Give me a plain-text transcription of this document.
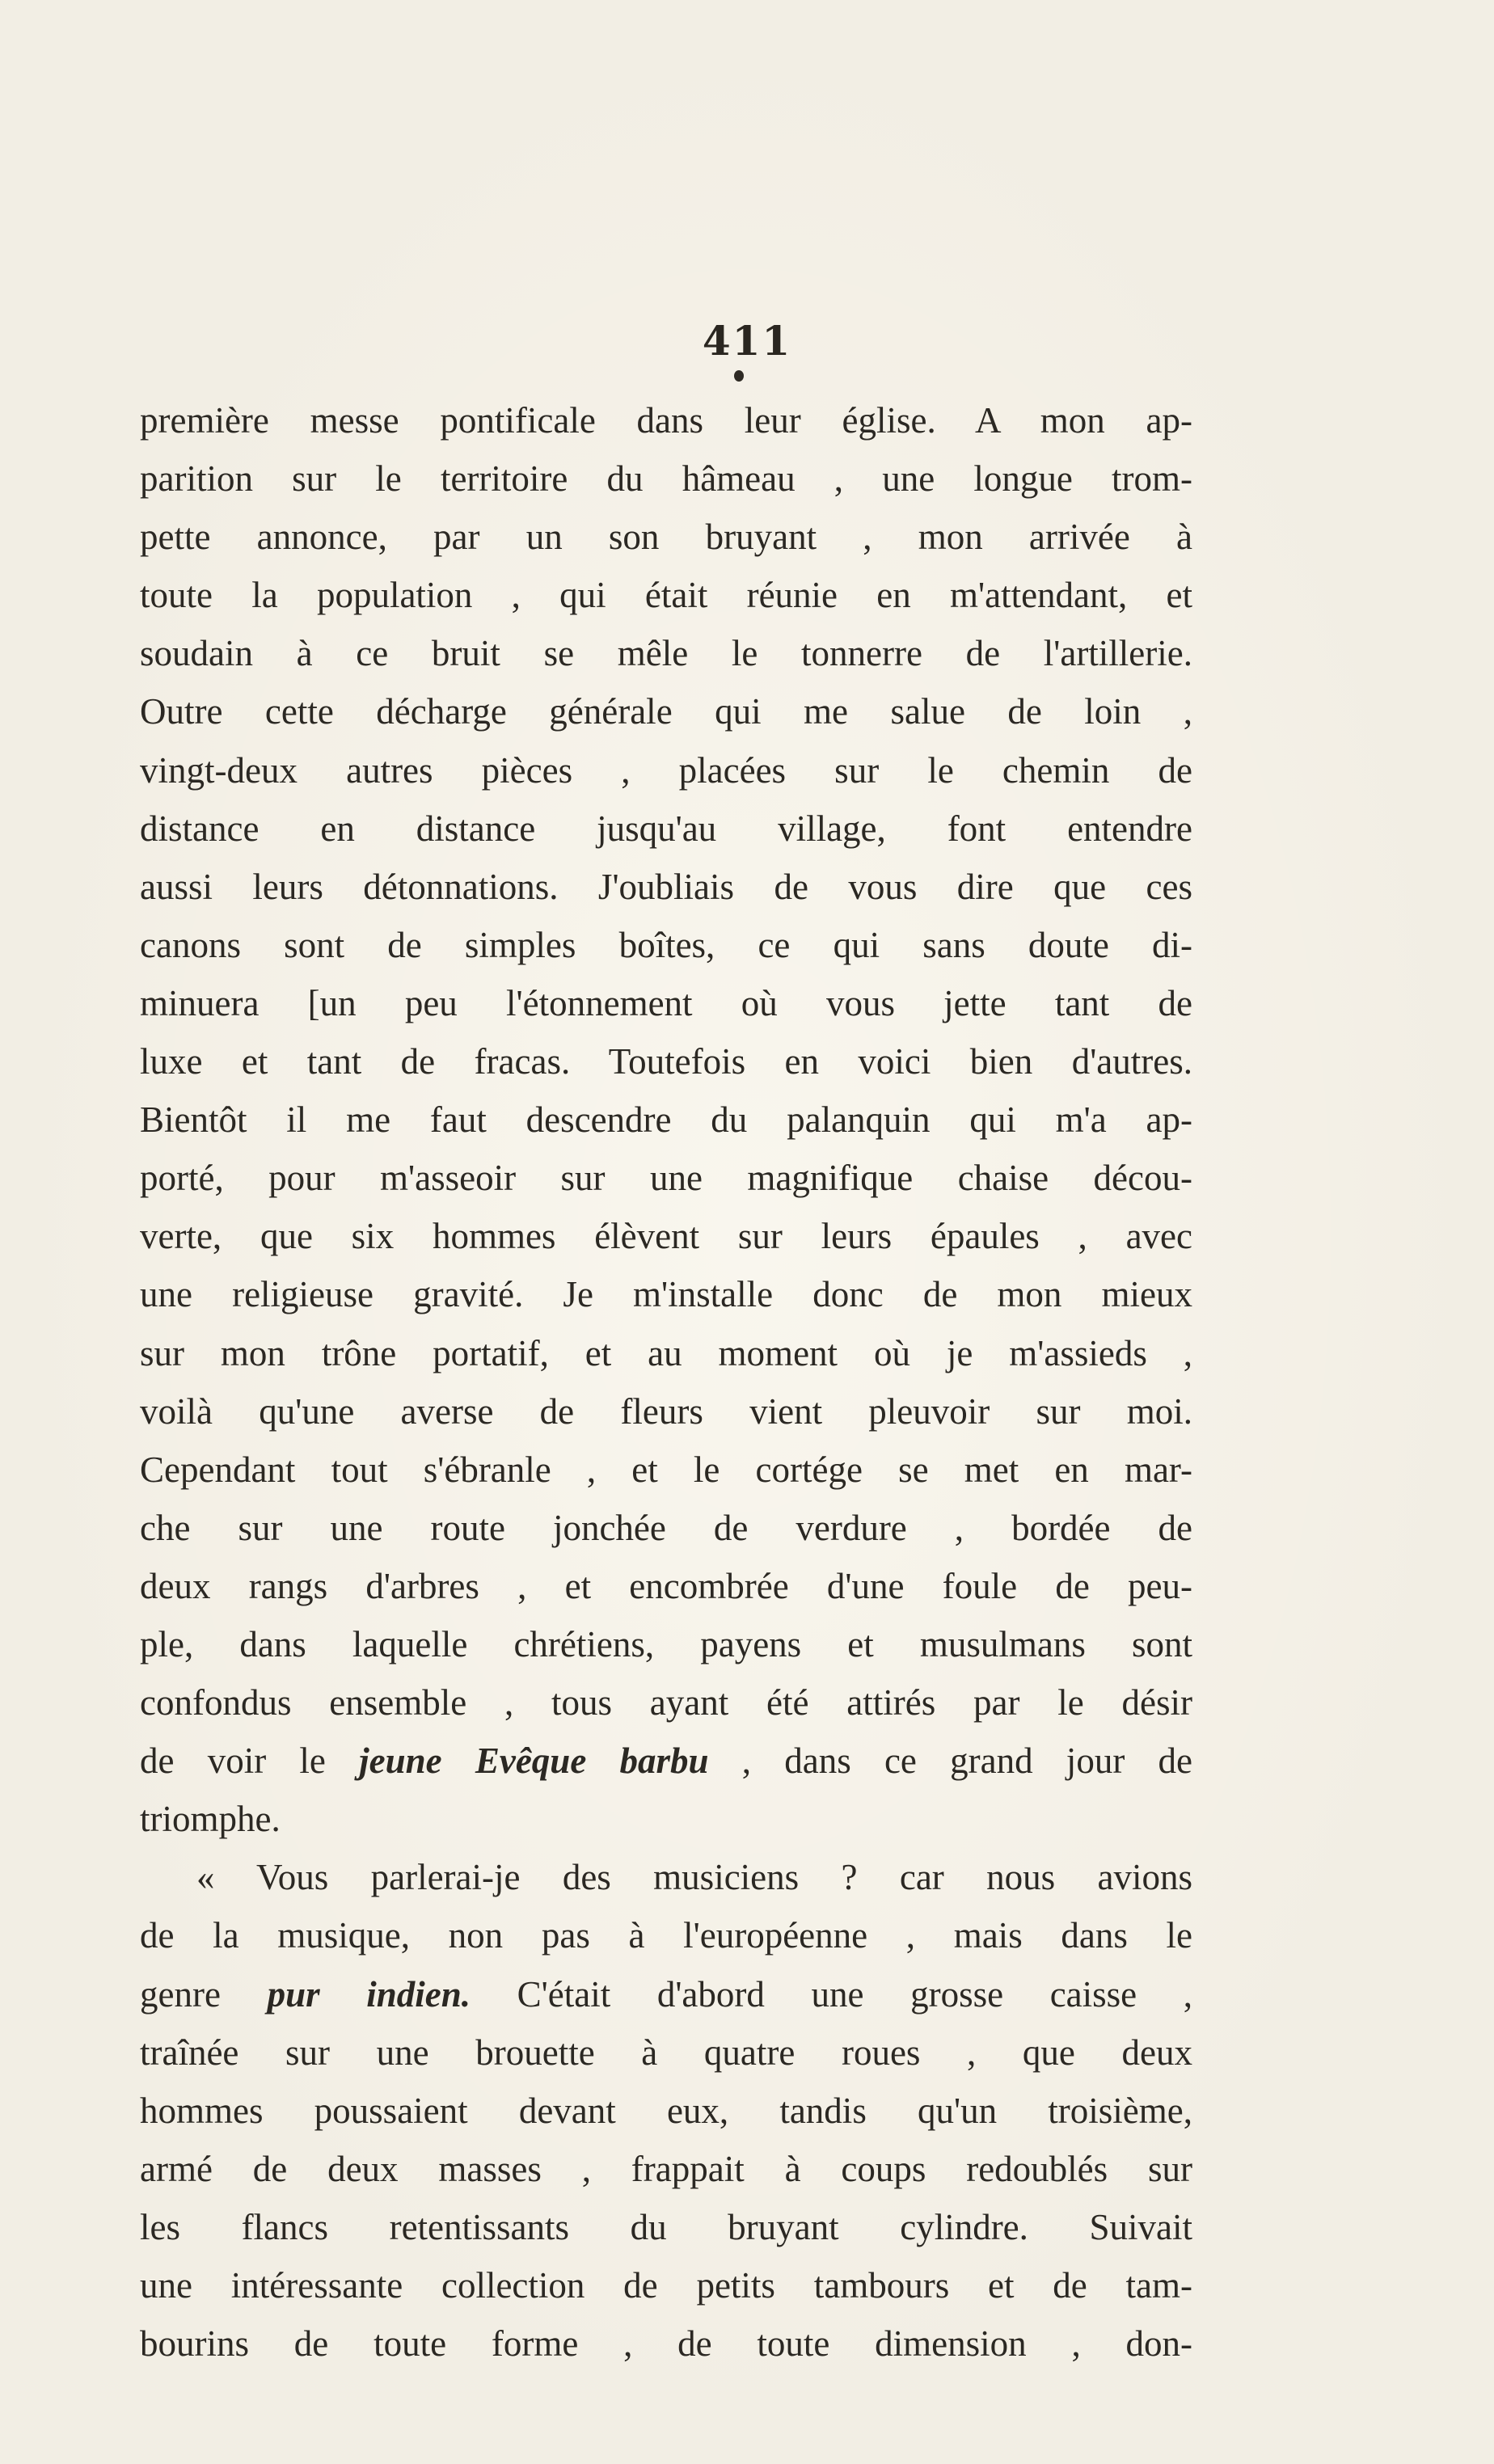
411
première messe pontificale dans leur église. A mon ap-
parition sur le territoire du hâmeau , une longue trom-
pette annonce, par un son bruyant , mon arrivée à
toute la population , qui était réunie en m'attendant, et
soudain à ce bruit se mêle le tonnerre de l'artillerie.
Outre cette décharge générale qui me salue de loin ,
vingt-deux autres pièces , placées sur le chemin de
distance en distance jusqu'au village, font entendre
aussi leurs détonnations. J'oubliais de vous dire que ces
canons sont de simples boîtes, ce qui sans doute di-
minuera [un peu l'étonnement où vous jette tant de
luxe et tant de fracas. Toutefois en voici bien d'autres.
Bientôt il me faut descendre du palanquin qui m'a ap-
porté, pour m'asseoir sur une magnifique chaise décou-
verte, que six hommes élèvent sur leurs épaules , avec
une religieuse gravité. Je m'installe donc de mon mieux
sur mon trône portatif, et au moment où je m'assieds ,
voilà qu'une averse de fleurs vient pleuvoir sur moi.
Cependant tout s'ébranle , et le cortége se met en mar-
che sur une route jonchée de verdure , bordée de
deux rangs d'arbres , et encombrée d'une foule de peu-
ple, dans laquelle chrétiens, payens et musulmans sont
confondus ensemble , tous ayant été attirés par le désir
de voir le jeune Evêque barbu , dans ce grand jour de
triomphe.
« Vous parlerai-je des musiciens ? car nous avions
de la musique, non pas à l'européenne , mais dans le
genre pur indien. C'était d'abord une grosse caisse ,
traînée sur une brouette à quatre roues , que deux
hommes poussaient devant eux, tandis qu'un troisième,
armé de deux masses , frappait à coups redoublés sur
les flancs retentissants du bruyant cylindre. Suivait
une intéressante collection de petits tambours et de tam-
bourins de toute forme , de toute dimension , don-
